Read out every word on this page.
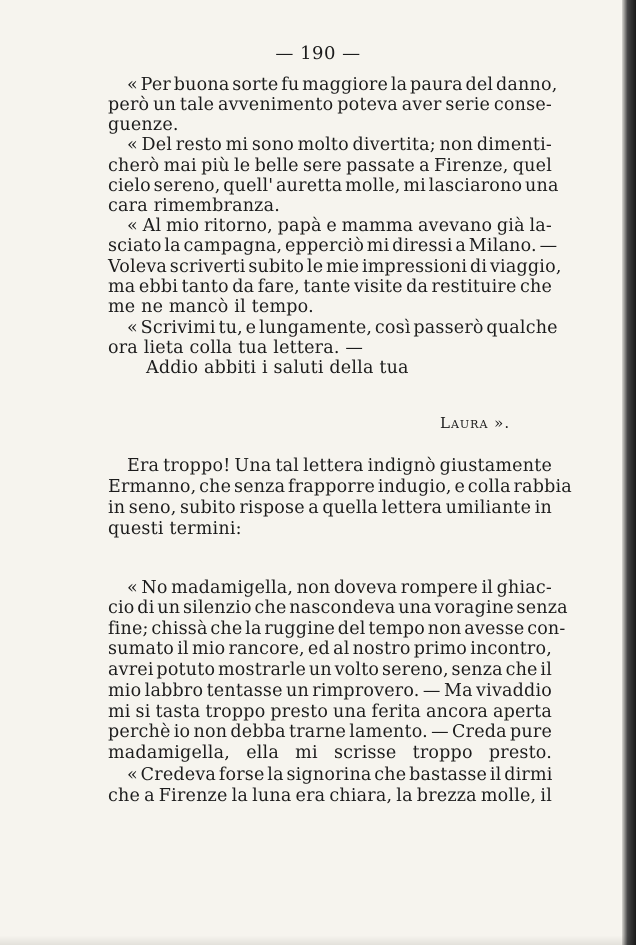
— 190 —
« Per buona sorte fu maggiore la paura del danno,
però un tale avvenimento poteva aver serie conse-
guenze.
« Del resto mi sono molto divertita; non dimenti-
cherò mai più le belle sere passate a Firenze, quel
cielo sereno, quell' auretta molle, mi lasciarono una
cara rimembranza.
« Al mio ritorno, papà e mamma avevano già la-
sciato la campagna, epperciò mi diressi a Milano. —
Voleva scriverti subito le mie impressioni di viaggio,
ma ebbi tanto da fare, tante visite da restituire che
me ne mancò il tempo.
« Scrivimi tu, e lungamente, così passerò qualche
ora lieta colla tua lettera. —
Addio abbiti i saluti della tua
Laura ».
Era troppo! Una tal lettera indignò giustamente
Ermanno, che senza frapporre indugio, e colla rabbia
in seno, subito rispose a quella lettera umiliante in
questi termini:
« No madamigella, non doveva rompere il ghiac-
cio di un silenzio che nascondeva una voragine senza
fine; chissà che la ruggine del tempo non avesse con-
sumato il mio rancore, ed al nostro primo incontro,
avrei potuto mostrarle un volto sereno, senza che il
mio labbro tentasse un rimprovero. — Ma vivaddio
mi si tasta troppo presto una ferita ancora aperta
perchè io non debba trarne lamento. — Creda pure
madamigella, ella mi scrisse troppo presto.
« Credeva forse la signorina che bastasse il dirmi
che a Firenze la luna era chiara, la brezza molle, il
